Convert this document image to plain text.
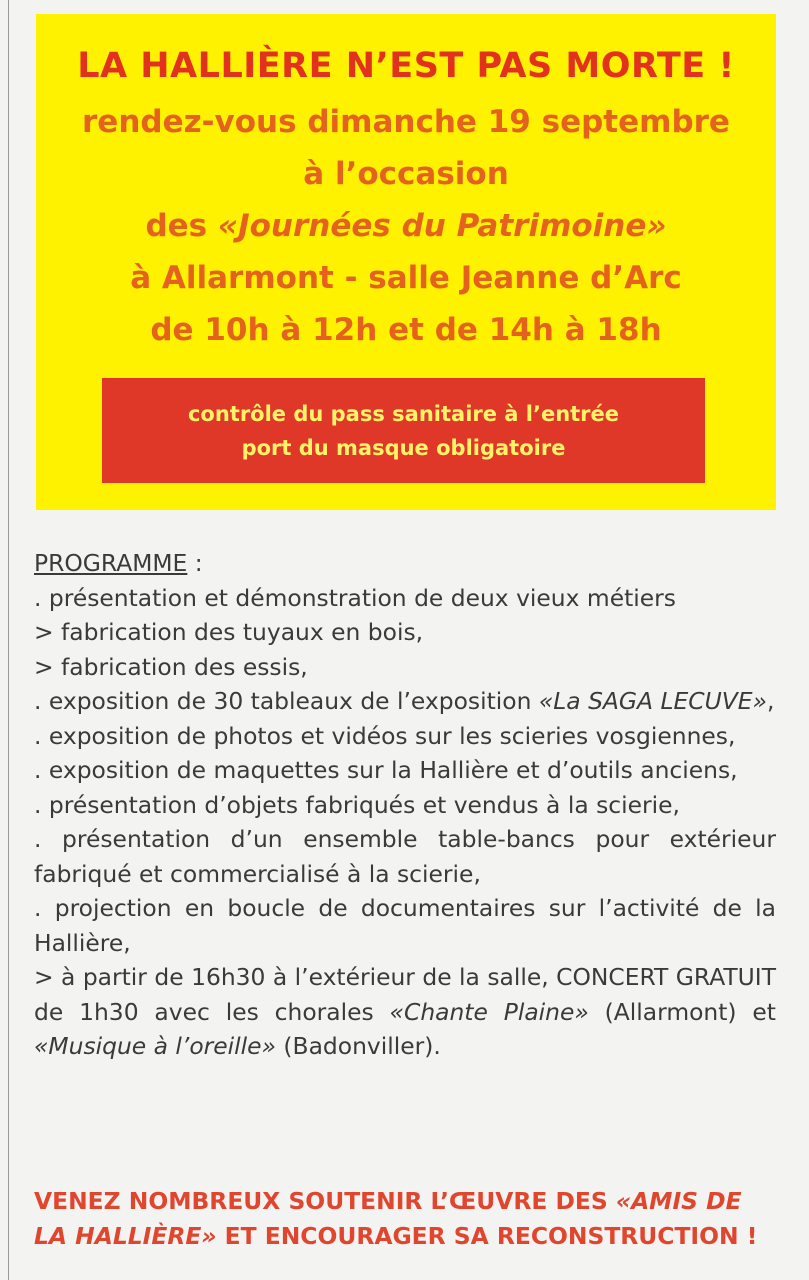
LA HALLIÈRE N’EST PAS MORTE !

rendez-vous dimanche 19 septembre

à l’occasion

des «Journées du Patrimoine»

à Allarmont - salle Jeanne d’Arc

de 10h à 12h et de 14h à 18h

contrôle du pass sanitaire à l’entrée
port du masque obligatoire

PROGRAMME :

. présentation et démonstration de deux vieux métiers

> fabrication des tuyaux en bois,

> fabrication des essis,

. exposition de 30 tableaux de l’exposition «La SAGA LECUVE»,

. exposition de photos et vidéos sur les scieries vosgiennes,

. exposition de maquettes sur la Hallière et d’outils anciens,

. présentation d’objets fabriqués et vendus à la scierie,

. présentation d’un ensemble table-bancs pour extérieur fabriqué et commercialisé à la scierie,

. projection en boucle de documentaires sur l’activité de la Hallière,

> à partir de 16h30 à l’extérieur de la salle, CONCERT GRATUIT de 1h30 avec les chorales «Chante Plaine» (Allarmont) et «Musique à l’oreille» (Badonviller).

VENEZ NOMBREUX SOUTENIR L’ŒUVRE DES «AMIS DE LA HALLIÈRE» ET ENCOURAGER SA RECONSTRUCTION !
